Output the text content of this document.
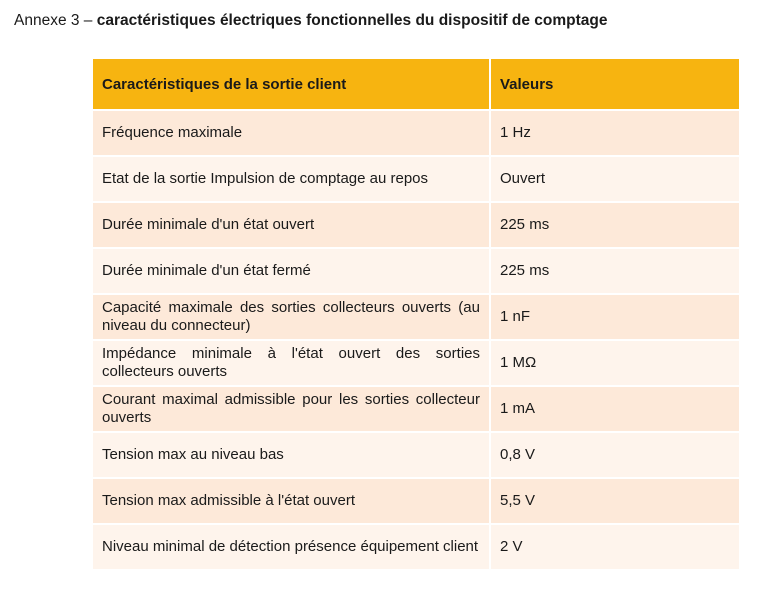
Annexe 3 – caractéristiques électriques fonctionnelles du dispositif de comptage
Caractéristiques de la sortie client	Valeurs
Fréquence maximale	1 Hz
Etat de la sortie Impulsion de comptage au repos	Ouvert
Durée minimale d'un état ouvert	225 ms
Durée minimale d'un état fermé	225 ms
Capacité maximale des sorties collecteurs ouverts (au niveau du connecteur)	1 nF
Impédance minimale à l'état ouvert des sorties collecteurs ouverts	1 MΩ
Courant maximal admissible pour les sorties collecteur ouverts	1 mA
Tension max au niveau bas	0,8 V
Tension max admissible à l'état ouvert	5,5 V
Niveau minimal de détection présence équipement client	2 V
